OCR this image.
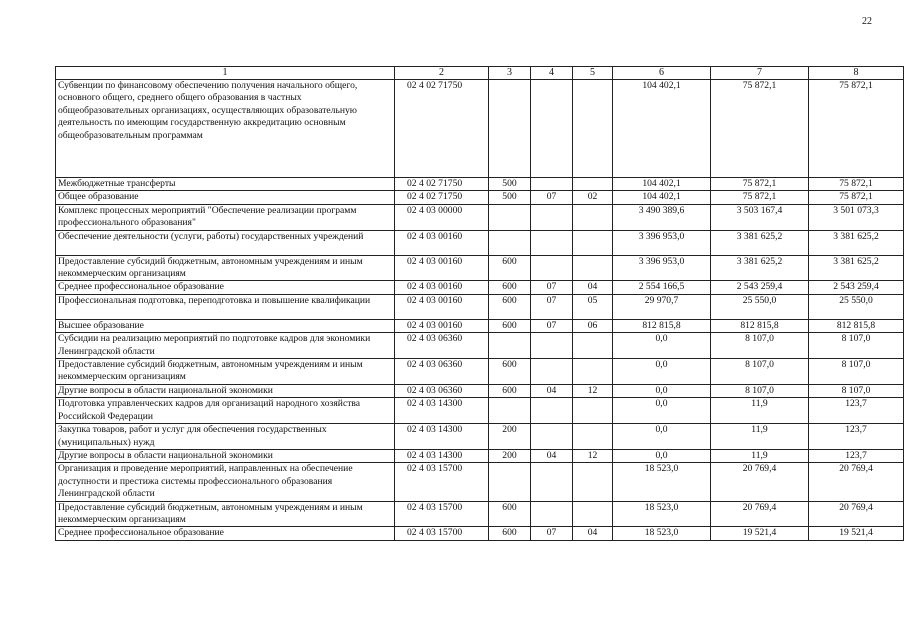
22
1	2	3	4	5	6	7	8
Субвенции по финансовому обеспечению получения начального общего, основного общего, среднего общего образования в частных общеобразовательных организациях, осуществляющих образовательную деятельность по имеющим государственную аккредитацию основным общеобразовательным программам	02 4 02 71750				104 402,1	75 872,1	75 872,1
Межбюджетные трансферты	02 4 02 71750	500			104 402,1	75 872,1	75 872,1
Общее образование	02 4 02 71750	500	07	02	104 402,1	75 872,1	75 872,1
Комплекс процессных мероприятий "Обеспечение реализации программ профессионального образования"	02 4 03 00000				3 490 389,6	3 503 167,4	3 501 073,3
Обеспечение деятельности (услуги, работы) государственных учреждений	02 4 03 00160				3 396 953,0	3 381 625,2	3 381 625,2
Предоставление субсидий бюджетным, автономным учреждениям и иным некоммерческим организациям	02 4 03 00160	600			3 396 953,0	3 381 625,2	3 381 625,2
Среднее профессиональное образование	02 4 03 00160	600	07	04	2 554 166,5	2 543 259,4	2 543 259,4
Профессиональная подготовка, переподготовка и повышение квалификации	02 4 03 00160	600	07	05	29 970,7	25 550,0	25 550,0
Высшее образование	02 4 03 00160	600	07	06	812 815,8	812 815,8	812 815,8
Субсидии на реализацию мероприятий по подготовке кадров для экономики Ленинградской области	02 4 03 06360				0,0	8 107,0	8 107,0
Предоставление субсидий бюджетным, автономным учреждениям и иным некоммерческим организациям	02 4 03 06360	600			0,0	8 107,0	8 107,0
Другие вопросы в области национальной экономики	02 4 03 06360	600	04	12	0,0	8 107,0	8 107,0
Подготовка управленческих кадров для организаций народного хозяйства Российской Федерации	02 4 03 14300				0,0	11,9	123,7
Закупка товаров, работ и услуг для обеспечения государственных (муниципальных) нужд	02 4 03 14300	200			0,0	11,9	123,7
Другие вопросы в области национальной экономики	02 4 03 14300	200	04	12	0,0	11,9	123,7
Организация и проведение мероприятий, направленных на обеспечение доступности и престижа системы профессионального образования Ленинградской области	02 4 03 15700				18 523,0	20 769,4	20 769,4
Предоставление субсидий бюджетным, автономным учреждениям и иным некоммерческим организациям	02 4 03 15700	600			18 523,0	20 769,4	20 769,4
Среднее профессиональное образование	02 4 03 15700	600	07	04	18 523,0	19 521,4	19 521,4
